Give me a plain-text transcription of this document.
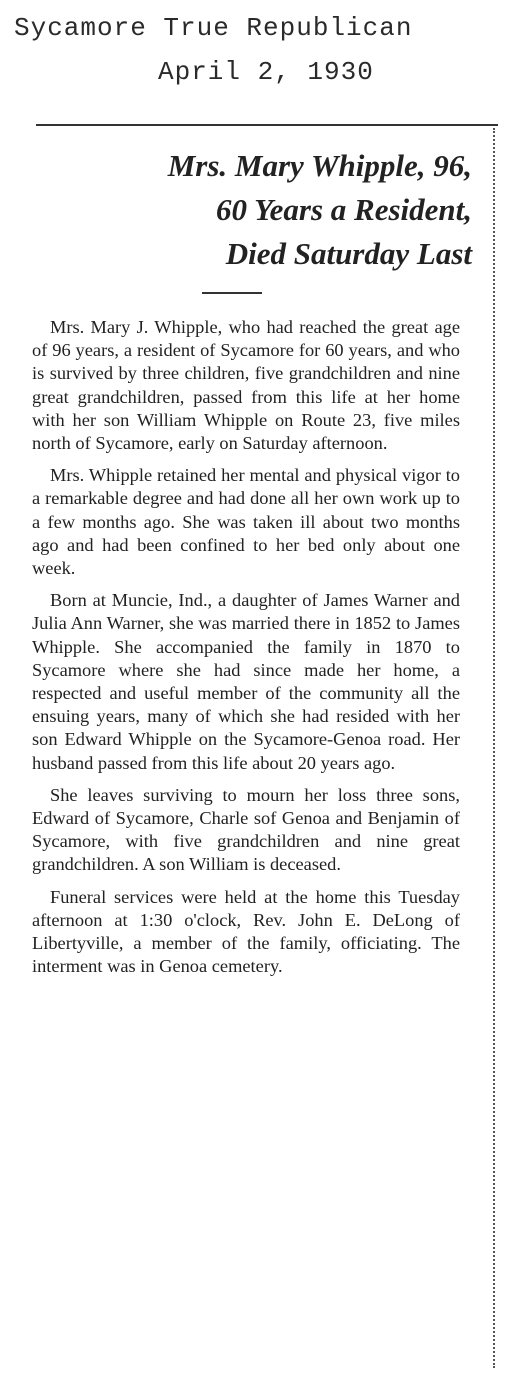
Sycamore True Republican
April 2, 1930
Mrs. Mary Whipple, 96,
60 Years a Resident,
Died Saturday Last

Mrs. Mary J. Whipple, who had reached the great age of 96 years, a resident of Sycamore for 60 years, and who is survived by three children, five grandchildren and nine great grandchildren, passed from this life at her home with her son William Whipple on Route 23, five miles north of Sycamore, early on Saturday afternoon.

Mrs. Whipple retained her mental and physical vigor to a remarkable degree and had done all her own work up to a few months ago. She was taken ill about two months ago and had been confined to her bed only about one week.

Born at Muncie, Ind., a daughter of James Warner and Julia Ann Warner, she was married there in 1852 to James Whipple. She accompanied the family in 1870 to Sycamore where she had since made her home, a respected and useful member of the community all the ensuing years, many of which she had resided with her son Edward Whipple on the Sycamore-Genoa road. Her husband passed from this life about 20 years ago.

She leaves surviving to mourn her loss three sons, Edward of Sycamore, Charle sof Genoa and Benjamin of Sycamore, with five grandchildren and nine great grandchildren. A son William is deceased.

Funeral services were held at the home this Tuesday afternoon at 1:30 o'clock, Rev. John E. DeLong of Libertyville, a member of the family, officiating. The interment was in Genoa cemetery.
